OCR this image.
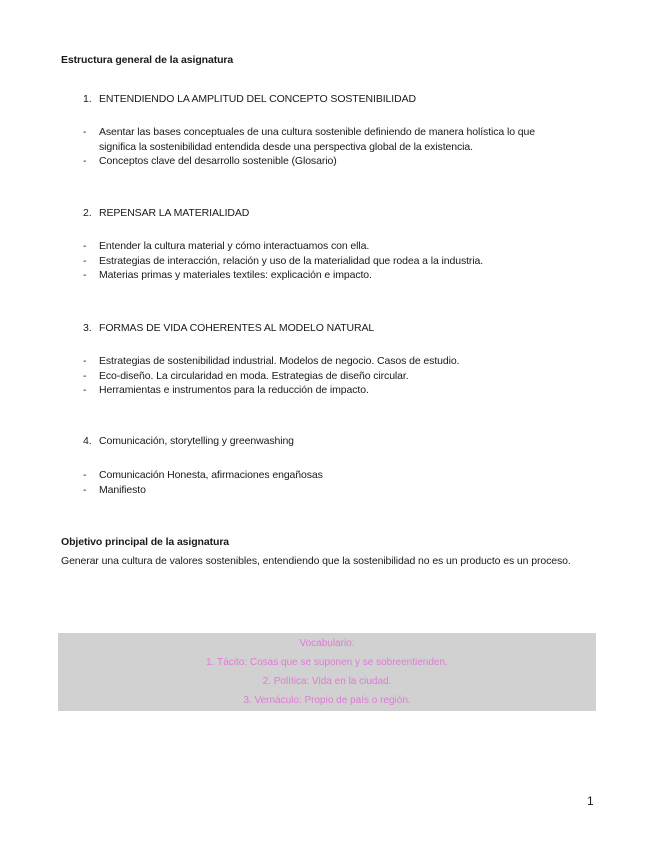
Estructura general de la asignatura
1. ENTENDIENDO LA AMPLITUD DEL CONCEPTO SOSTENIBILIDAD
- Asentar las bases conceptuales de una cultura sostenible definiendo de manera holística lo que significa la sostenibilidad entendida desde una perspectiva global de la existencia.
- Conceptos clave del desarrollo sostenible (Glosario)
2. REPENSAR LA MATERIALIDAD
- Entender la cultura material y cómo interactuamos con ella.
- Estrategias de interacción, relación y uso de la materialidad que rodea a la industria.
- Materias primas y materiales textiles: explicación e impacto.
3. FORMAS DE VIDA COHERENTES AL MODELO NATURAL
- Estrategias de sostenibilidad industrial. Modelos de negocio. Casos de estudio.
- Eco-diseño. La circularidad en moda. Estrategias de diseño circular.
- Herramientas e instrumentos para la reducción de impacto.
4. Comunicación, storytelling y greenwashing
- Comunicación Honesta, afirmaciones engañosas
- Manifiesto
Objetivo principal de la asignatura
Generar una cultura de valores sostenibles, entendiendo que la sostenibilidad no es un producto es un proceso.
Vocabulario:
1. Tácito: Cosas que se suponen y se sobreentienden.
2. Política: Vida en la ciudad.
3. Vernáculo: Propio de país o región.
1
